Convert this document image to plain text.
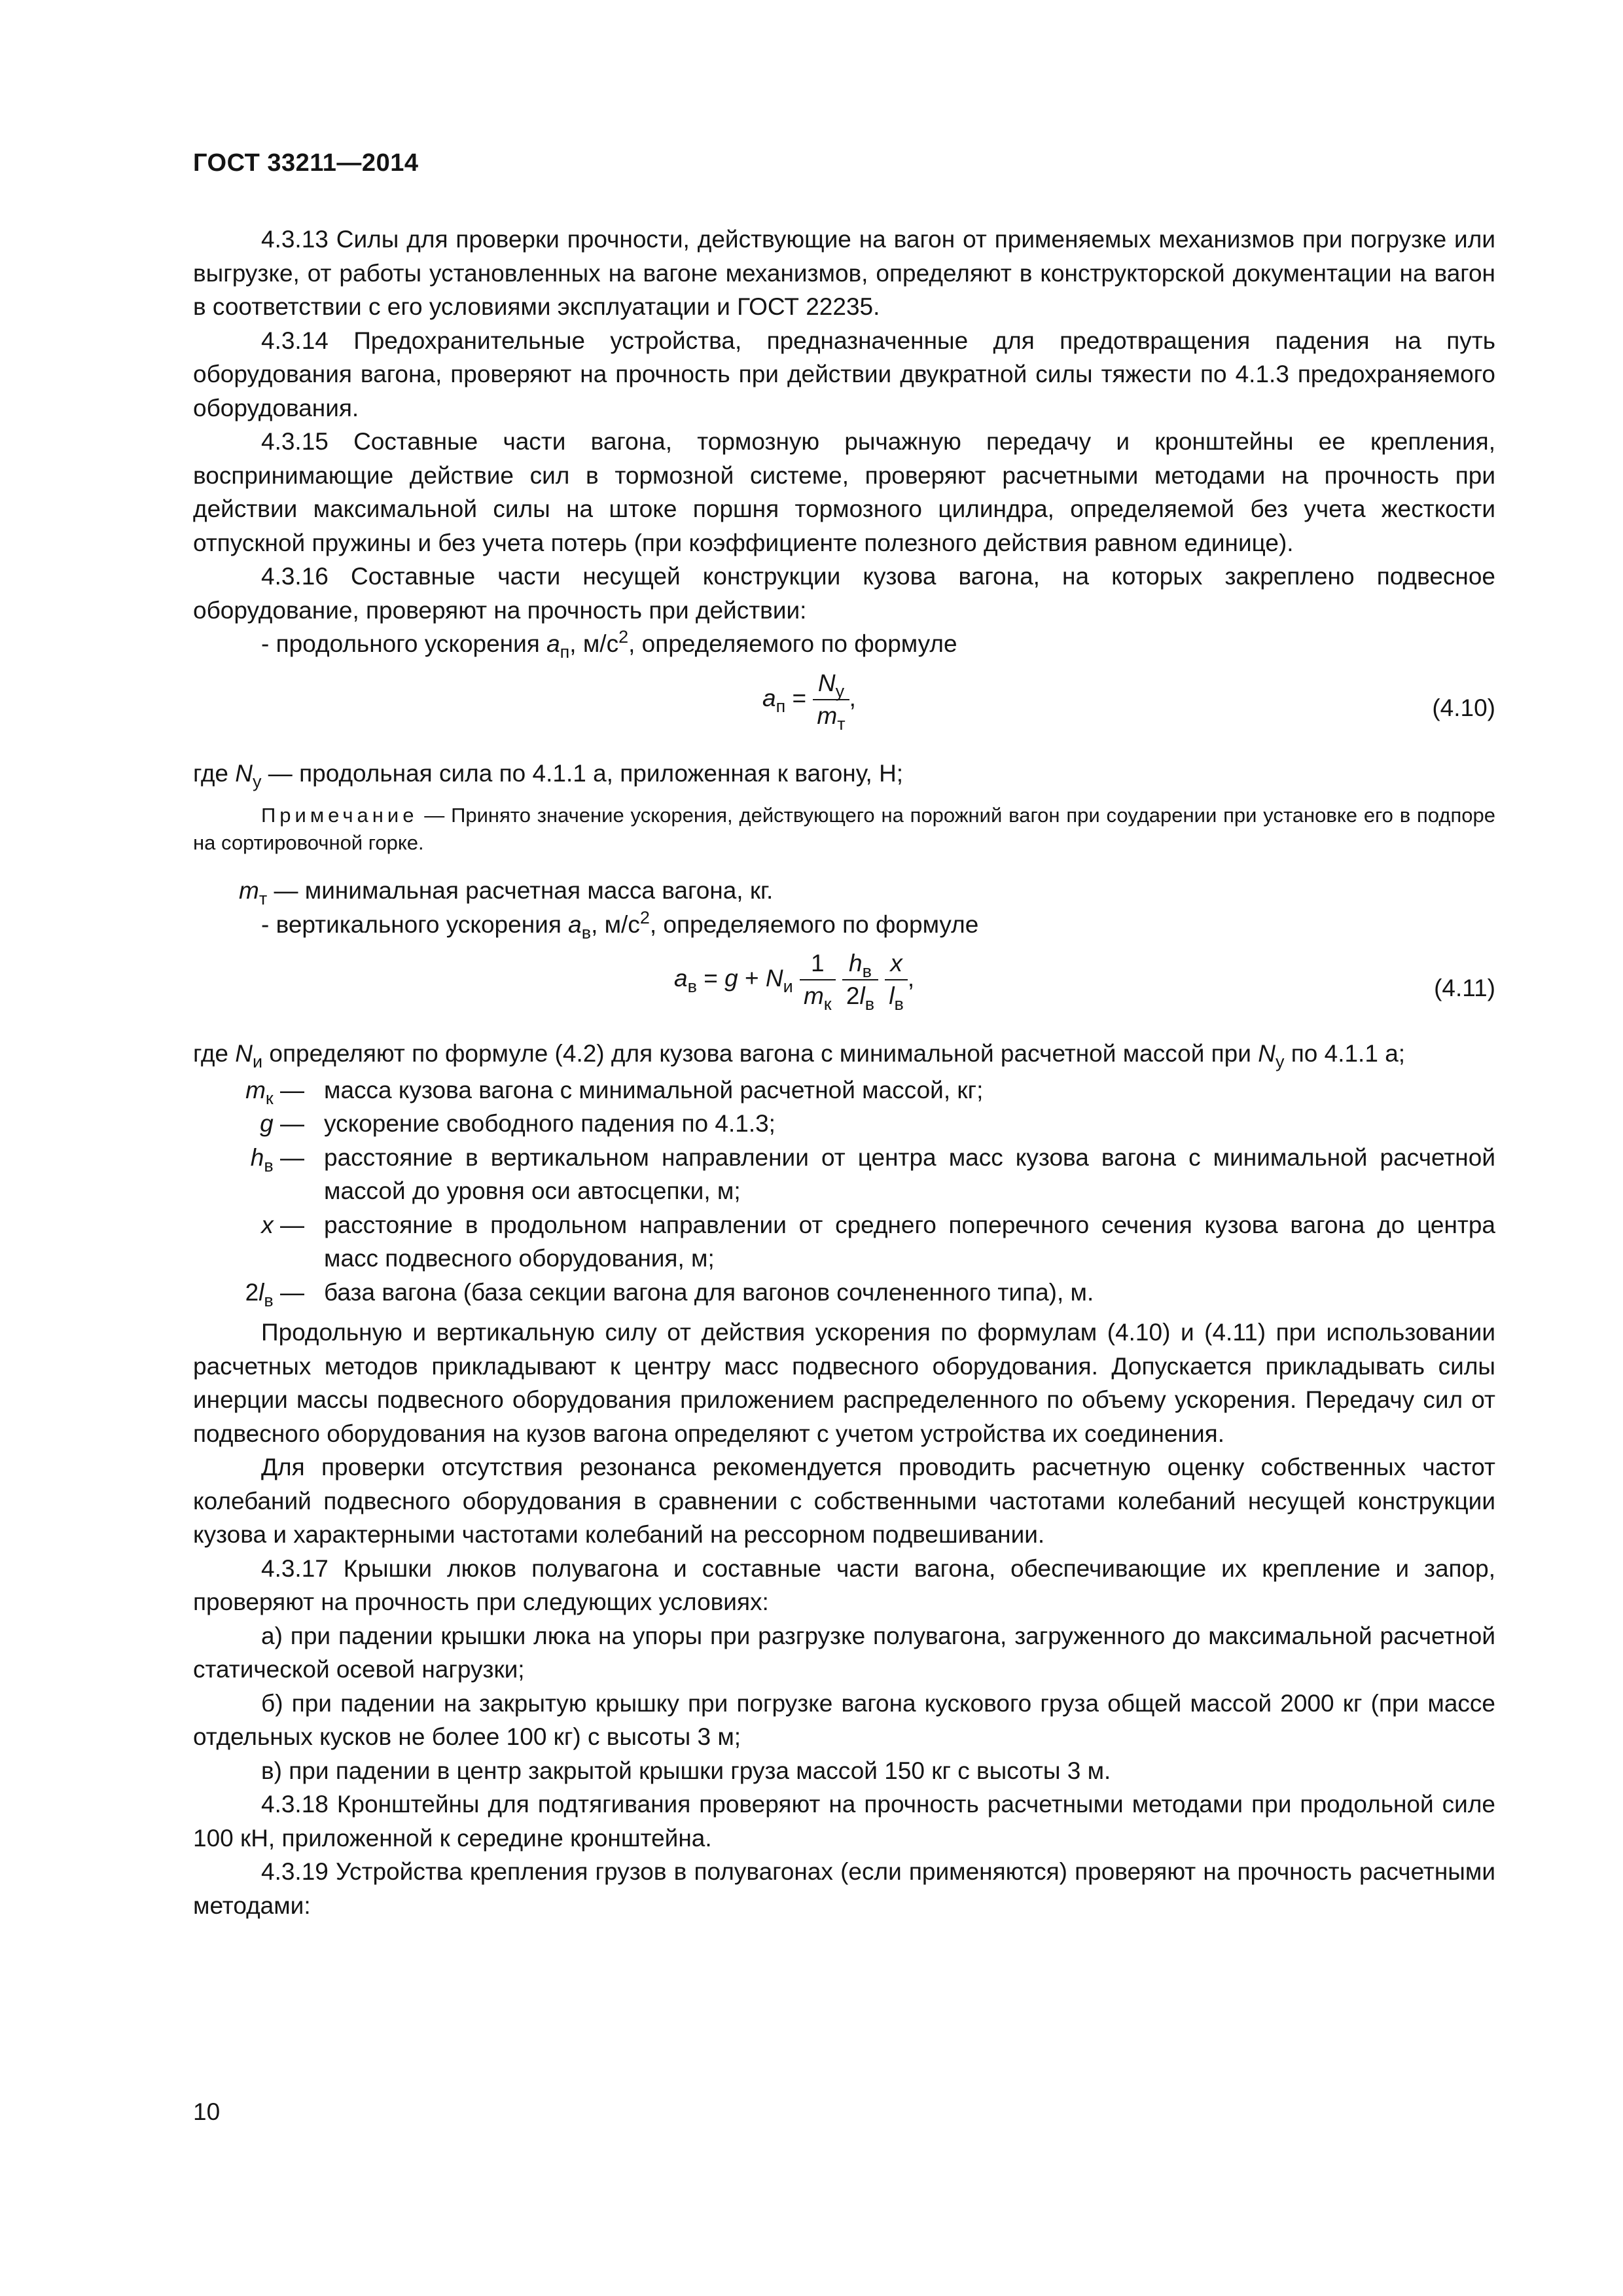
ГОСТ 33211—2014

4.3.13 Силы для проверки прочности, действующие на вагон от применяемых механизмов при погрузке или выгрузке, от работы установленных на вагоне механизмов, определяют в конструкторской документации на вагон в соответствии с его условиями эксплуатации и ГОСТ 22235.

4.3.14 Предохранительные устройства, предназначенные для предотвращения падения на путь оборудования вагона, проверяют на прочность при действии двукратной силы тяжести по 4.1.3 предохраняемого оборудования.

4.3.15 Составные части вагона, тормозную рычажную передачу и кронштейны ее крепления, воспринимающие действие сил в тормозной системе, проверяют расчетными методами на прочность при действии максимальной силы на штоке поршня тормозного цилиндра, определяемой без учета жесткости отпускной пружины и без учета потерь (при коэффициенте полезного действия равном единице).

4.3.16 Составные части несущей конструкции кузова вагона, на которых закреплено подвесное оборудование, проверяют на прочность при действии:

- продольного ускорения $a_п$, $м/с^2$, определяемого по формуле

$a_п = \frac{N_у}{m_т}$ ,	(4.10)

где $N_у$ — продольная сила по 4.1.1 а, приложенная к вагону, Н;

Примечание — Принято значение ускорения, действующего на порожний вагон при соударении при установке его в подпоре на сортировочной горке.

$m_т$ — минимальная расчетная масса вагона, кг.

- вертикального ускорения $a_в$, $м/с^2$, определяемого по формуле

$a_в = g + N_и \frac{1}{m_к}$
$\frac{h_в}{2l_в}$
$\frac{x}{l_в}$ ,	(4.11)

где $N_и$ определяют по формуле (4.2) для кузова вагона с минимальной расчетной массой при $N_у$ по 4.1.1 а;

$m_к$ — масса кузова вагона с минимальной расчетной массой, кг;
g — ускорение свободного падения по 4.1.3;
$h_в$ — расстояние в вертикальном направлении от центра масс кузова вагона с минимальной расчетной массой до уровня оси автосцепки, м;
x — расстояние в продольном направлении от среднего поперечного сечения кузова вагона до центра масс подвесного оборудования, м;
$2l_в$ — база вагона (база секции вагона для вагонов сочлененного типа), м.

Продольную и вертикальную силу от действия ускорения по формулам (4.10) и (4.11) при использовании расчетных методов прикладывают к центру масс подвесного оборудования. Допускается прикладывать силы инерции массы подвесного оборудования приложением распределенного по объему ускорения. Передачу сил от подвесного оборудования на кузов вагона определяют с учетом устройства их соединения.

Для проверки отсутствия резонанса рекомендуется проводить расчетную оценку собственных частот колебаний подвесного оборудования в сравнении с собственными частотами колебаний несущей конструкции кузова и характерными частотами колебаний на рессорном подвешивании.

4.3.17 Крышки люков полувагона и составные части вагона, обеспечивающие их крепление и запор, проверяют на прочность при следующих условиях:

а) при падении крышки люка на упоры при разгрузке полувагона, загруженного до максимальной расчетной статической осевой нагрузки;

б) при падении на закрытую крышку при погрузке вагона кускового груза общей массой 2000 кг (при массе отдельных кусков не более 100 кг) с высоты 3 м;

в) при падении в центр закрытой крышки груза массой 150 кг с высоты 3 м.

4.3.18 Кронштейны для подтягивания проверяют на прочность расчетными методами при продольной силе 100 кН, приложенной к середине кронштейна.

4.3.19 Устройства крепления грузов в полувагонах (если применяются) проверяют на прочность расчетными методами:

10
